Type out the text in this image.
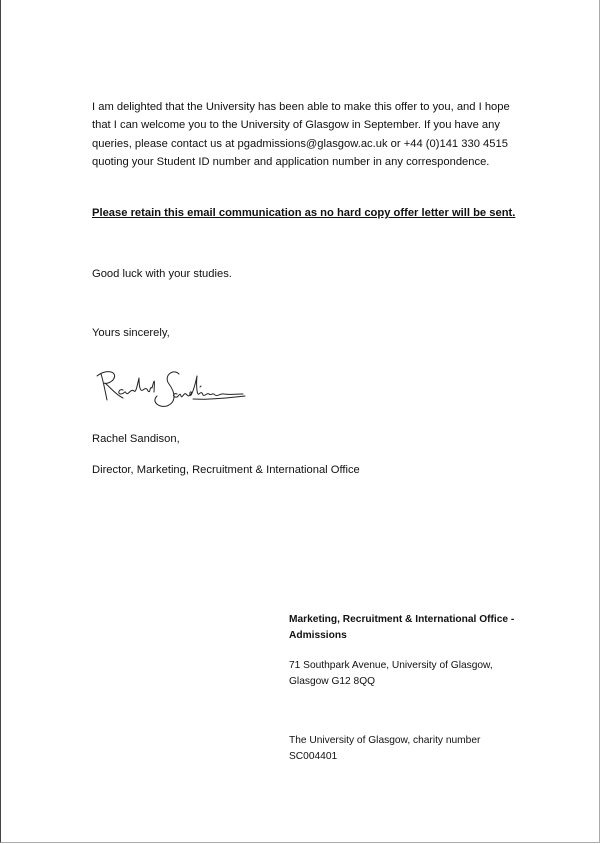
I am delighted that the University has been able to make this offer to you, and I hope that I can welcome you to the University of Glasgow in September. If you have any queries, please contact us at pgadmissions@glasgow.ac.uk or +44 (0)141 330 4515 quoting your Student ID number and application number in any correspondence.
Please retain this email communication as no hard copy offer letter will be sent.
Good luck with your studies.
Yours sincerely,
Rachel Sandison,
Director, Marketing, Recruitment & International Office
Marketing, Recruitment & International Office - Admissions
71 Southpark Avenue, University of Glasgow,
Glasgow G12 8QQ
The University of Glasgow, charity number
SC004401
